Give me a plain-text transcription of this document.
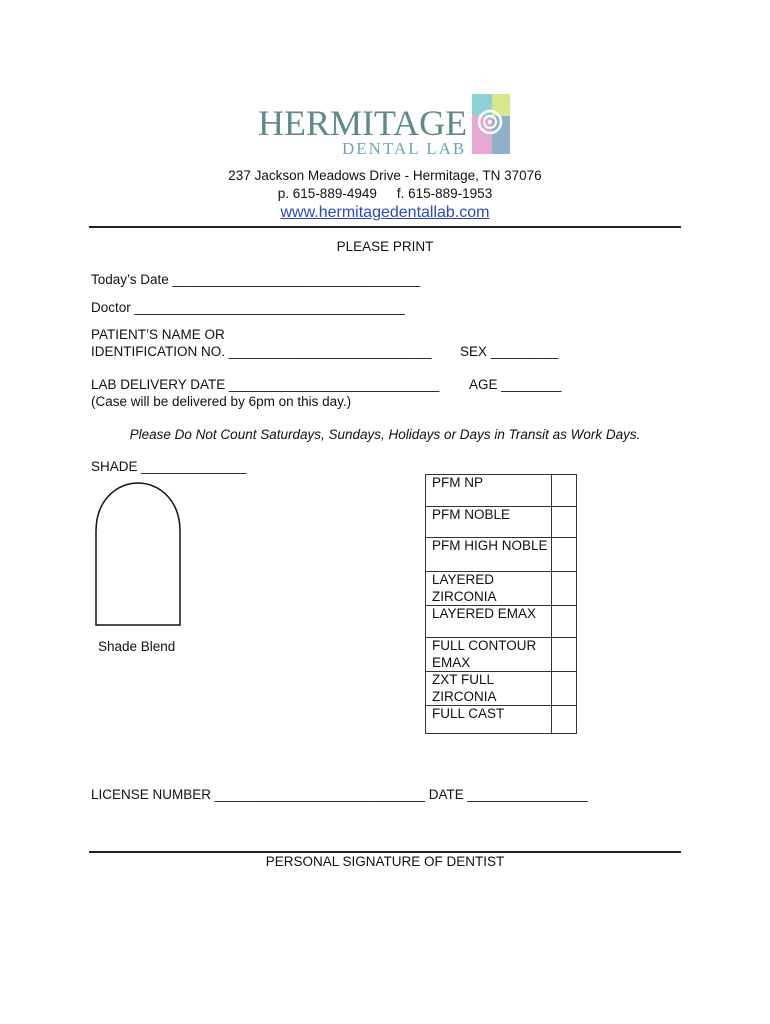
HERMITAGE
DENTAL LAB
237 Jackson Meadows Drive - Hermitage, TN 37076
p. 615-889-4949 f. 615-889-1953
www.hermitagedentallab.com
PLEASE PRINT
Today’s Date _________________________________
Doctor ____________________________________
PATIENT’S NAME OR
IDENTIFICATION NO. ___________________________ SEX _________
LAB DELIVERY DATE ____________________________ AGE ________
(Case will be delivered by 6pm on this day.)
Please Do Not Count Saturdays, Sundays, Holidays or Days in Transit as Work Days.
SHADE ______________
Shade Blend
PFM NP	
PFM NOBLE	
PFM HIGH NOBLE	
LAYERED ZIRCONIA	
LAYERED EMAX	
FULL CONTOUR EMAX	
ZXT FULL ZIRCONIA	
FULL CAST	
LICENSE NUMBER ____________________________ DATE ________________
PERSONAL SIGNATURE OF DENTIST
